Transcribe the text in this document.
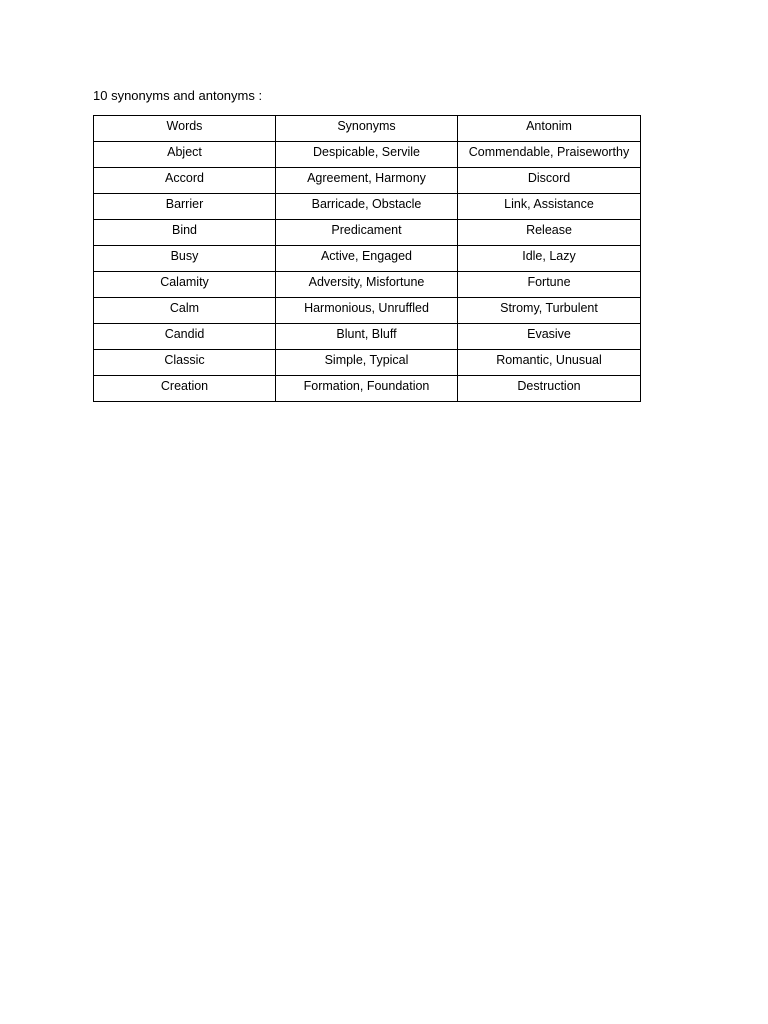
10 synonyms and antonyms :
Words	Synonyms	Antonim
Abject	Despicable, Servile	Commendable, Praiseworthy
Accord	Agreement, Harmony	Discord
Barrier	Barricade, Obstacle	Link, Assistance
Bind	Predicament	Release
Busy	Active, Engaged	Idle, Lazy
Calamity	Adversity, Misfortune	Fortune
Calm	Harmonious, Unruffled	Stromy, Turbulent
Candid	Blunt, Bluff	Evasive
Classic	Simple, Typical	Romantic, Unusual
Creation	Formation, Foundation	Destruction
